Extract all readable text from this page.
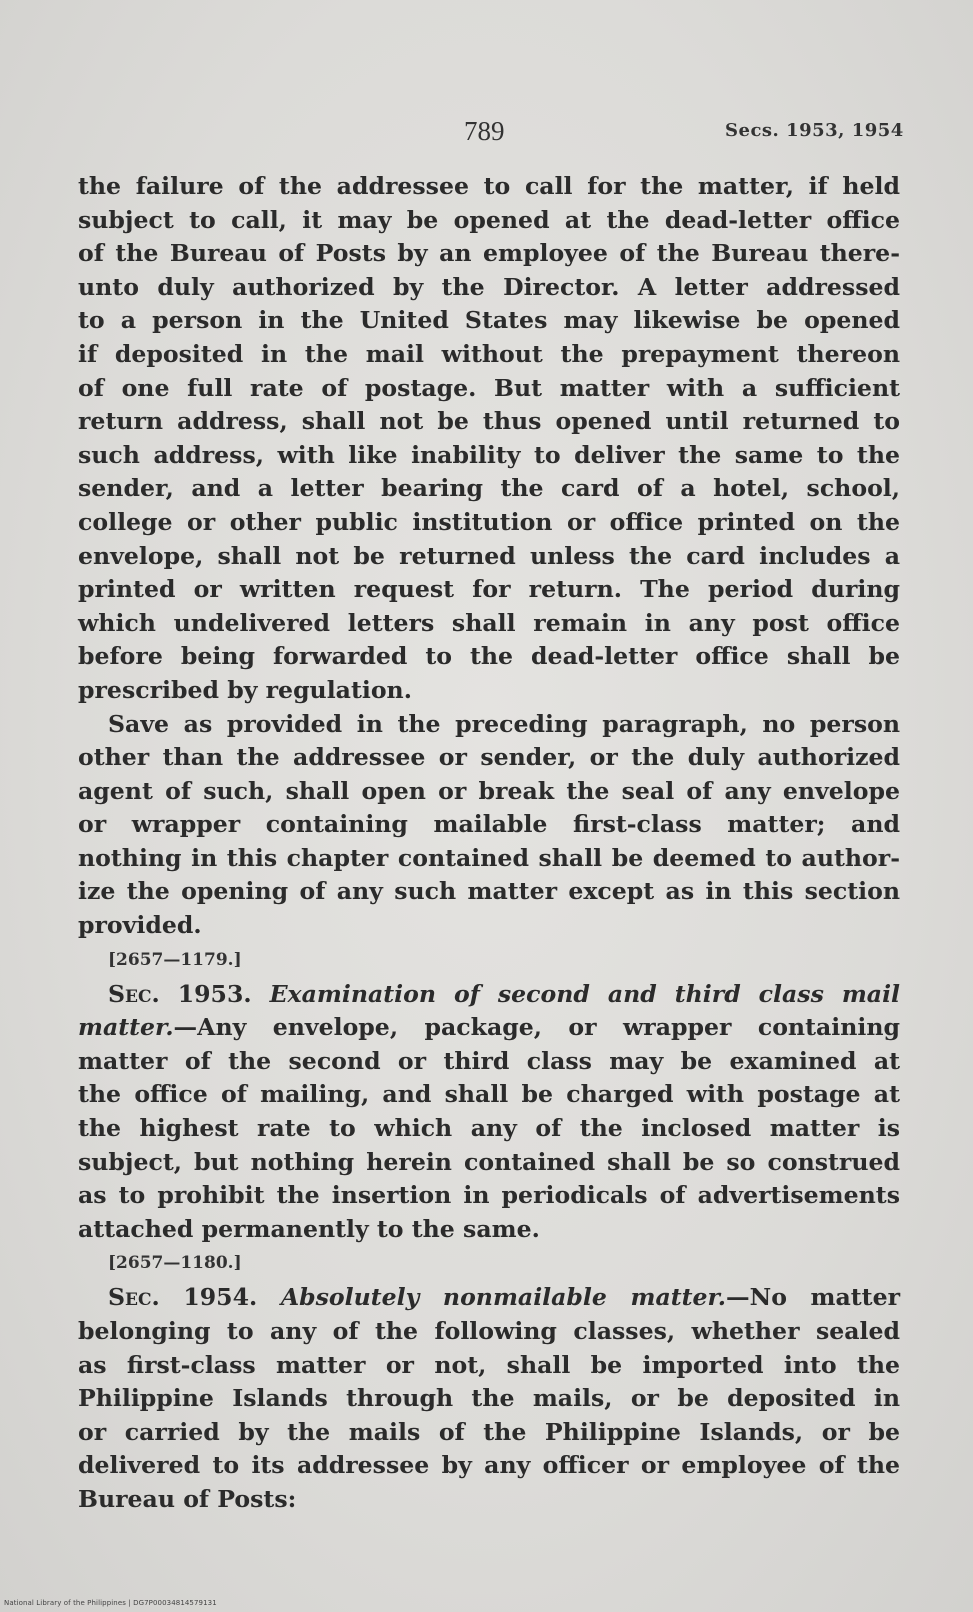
789	Secs. 1953, 1954
the failure of the addressee to call for the matter, if held
subject to call, it may be opened at the dead-letter office
of the Bureau of Posts by an employee of the Bureau there-
unto duly authorized by the Director. A letter addressed
to a person in the United States may likewise be opened
if deposited in the mail without the prepayment thereon
of one full rate of postage. But matter with a sufficient
return address, shall not be thus opened until returned to
such address, with like inability to deliver the same to the
sender, and a letter bearing the card of a hotel, school,
college or other public institution or office printed on the
envelope, shall not be returned unless the card includes a
printed or written request for return. The period during
which undelivered letters shall remain in any post office
before being forwarded to the dead-letter office shall be
prescribed by regulation.
Save as provided in the preceding paragraph, no person
other than the addressee or sender, or the duly authorized
agent of such, shall open or break the seal of any envelope
or wrapper containing mailable first-class matter; and
nothing in this chapter contained shall be deemed to author-
ize the opening of any such matter except as in this section
provided.
[2657—1179.]
Sec. 1953. Examination of second and third class mail
matter.—Any envelope, package, or wrapper containing
matter of the second or third class may be examined at
the office of mailing, and shall be charged with postage at
the highest rate to which any of the inclosed matter is
subject, but nothing herein contained shall be so construed
as to prohibit the insertion in periodicals of advertisements
attached permanently to the same.
[2657—1180.]
Sec. 1954. Absolutely nonmailable matter.—No matter
belonging to any of the following classes, whether sealed
as first-class matter or not, shall be imported into the
Philippine Islands through the mails, or be deposited in
or carried by the mails of the Philippine Islands, or be
delivered to its addressee by any officer or employee of the
Bureau of Posts:
National Library of the Philippines | DG7P00034814579131
